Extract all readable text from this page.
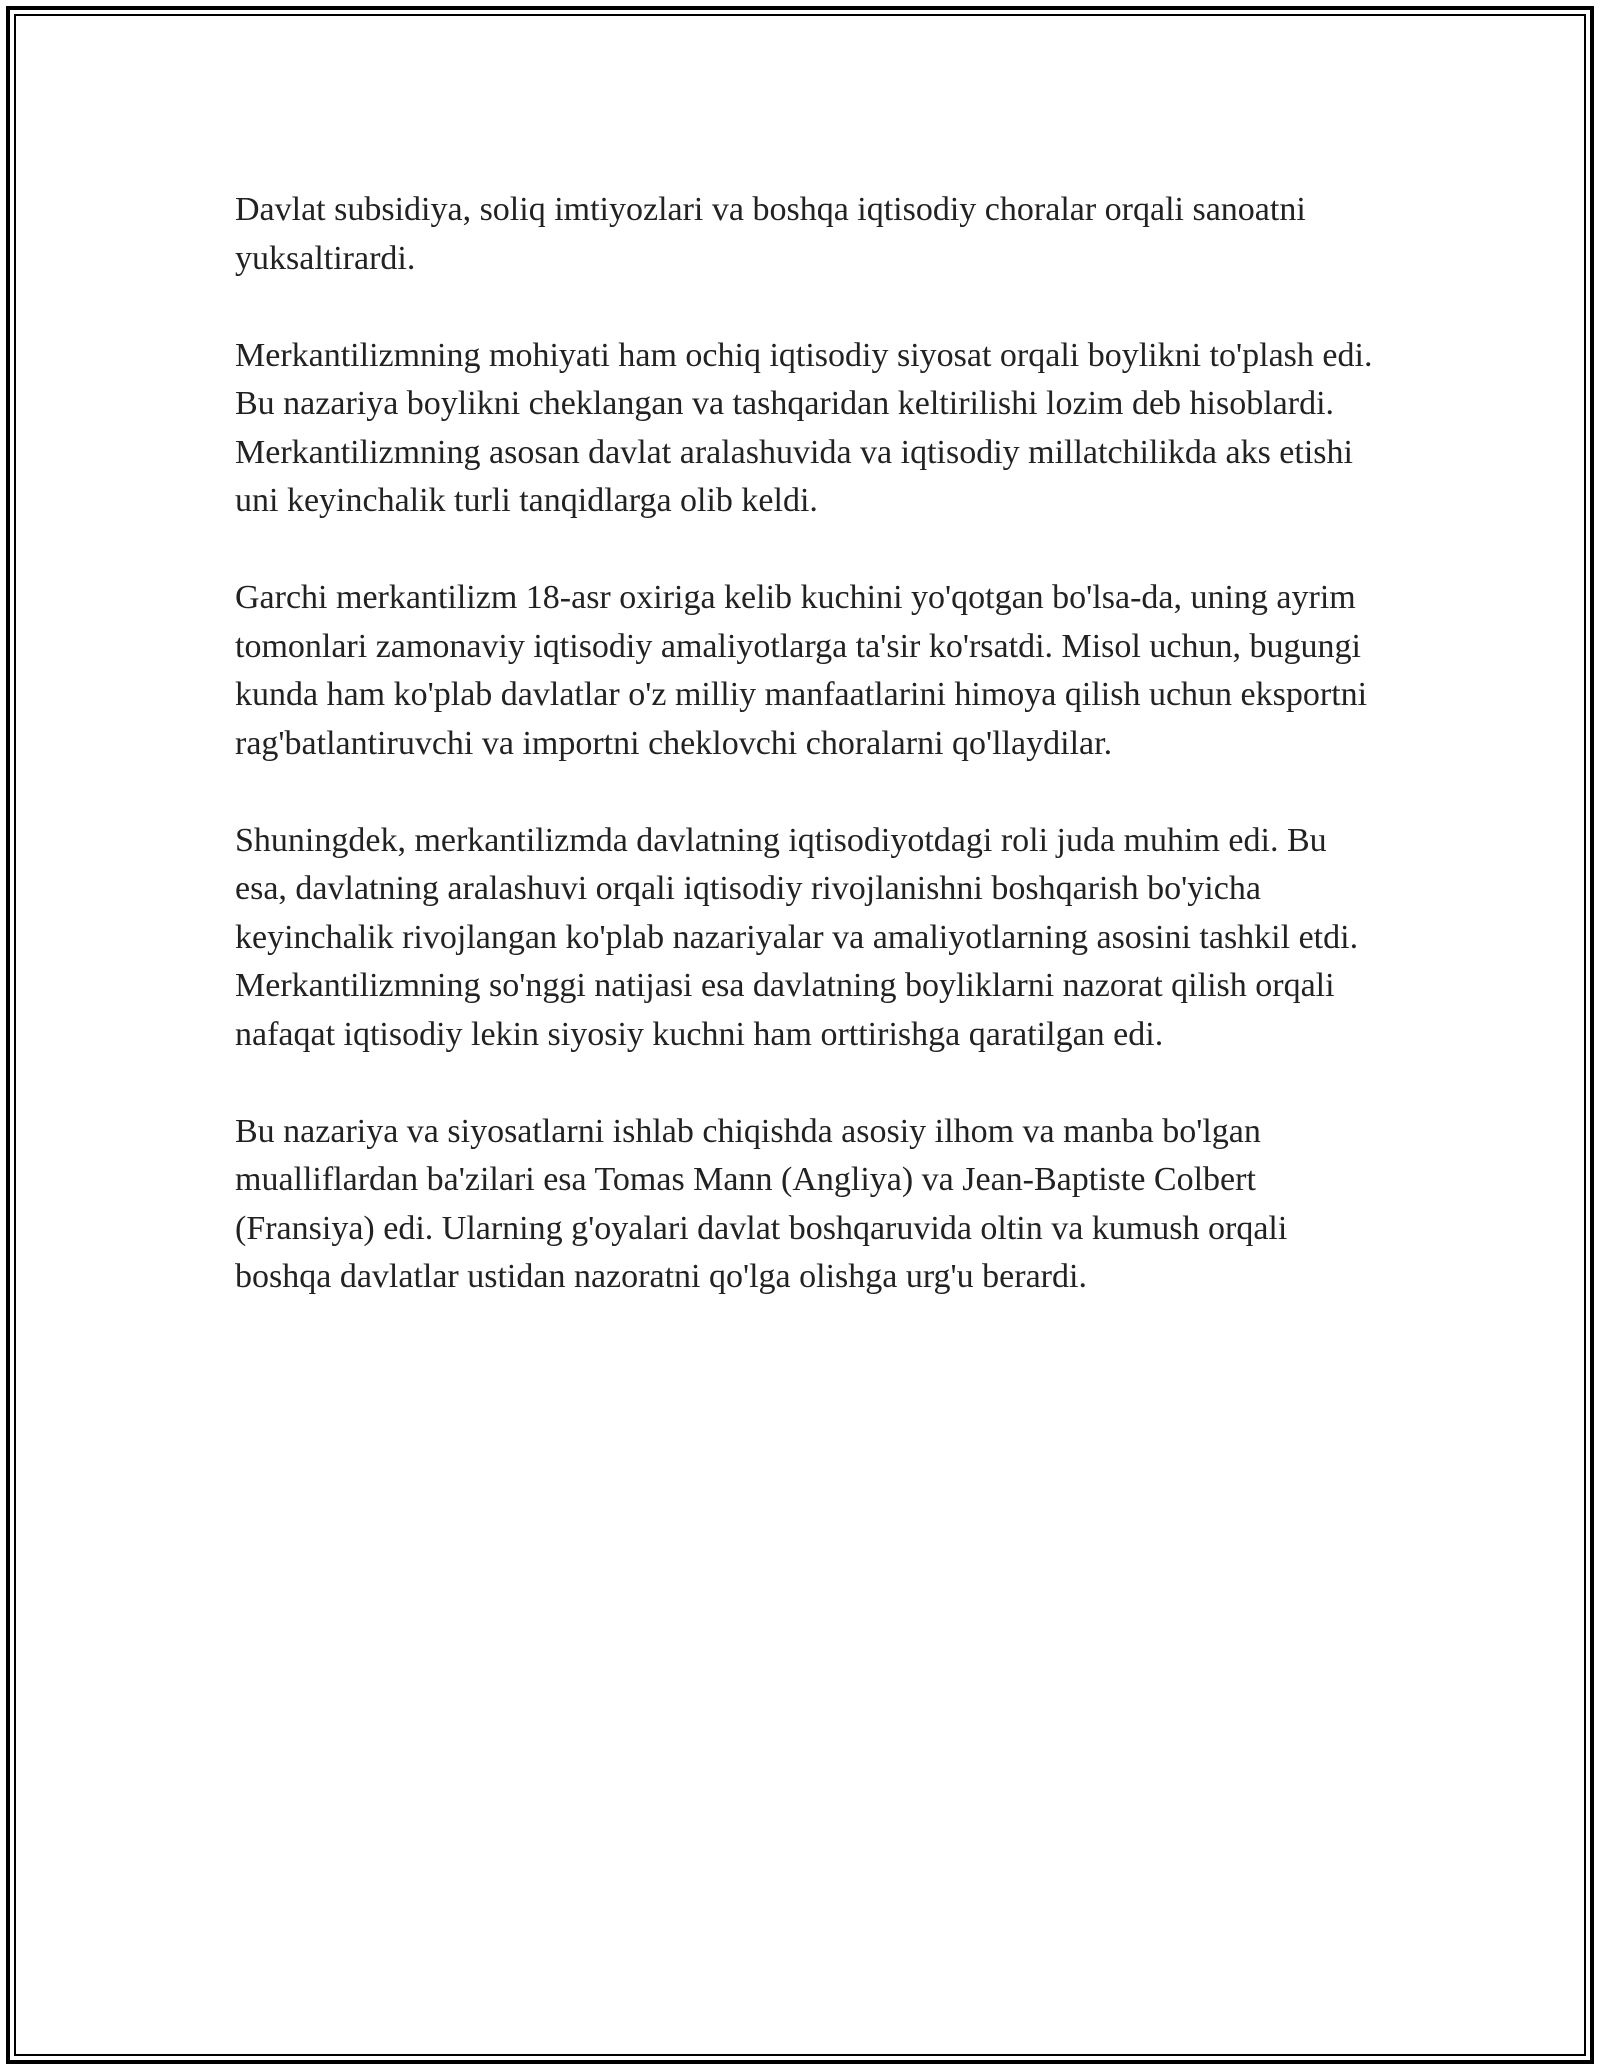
Davlat subsidiya, soliq imtiyozlari va boshqa iqtisodiy choralar orqali sanoatni yuksaltirardi.

Merkantilizmning mohiyati ham ochiq iqtisodiy siyosat orqali boylikni to'plash edi. Bu nazariya boylikni cheklangan va tashqaridan keltirilishi lozim deb hisoblardi. Merkantilizmning asosan davlat aralashuvida va iqtisodiy millatchilikda aks etishi uni keyinchalik turli tanqidlarga olib keldi.

Garchi merkantilizm 18-asr oxiriga kelib kuchini yo'qotgan bo'lsa-da, uning ayrim tomonlari zamonaviy iqtisodiy amaliyotlarga ta'sir ko'rsatdi. Misol uchun, bugungi kunda ham ko'plab davlatlar o'z milliy manfaatlarini himoya qilish uchun eksportni rag'batlantiruvchi va importni cheklovchi choralarni qo'llaydilar.

Shuningdek, merkantilizmda davlatning iqtisodiyotdagi roli juda muhim edi. Bu esa, davlatning aralashuvi orqali iqtisodiy rivojlanishni boshqarish bo'yicha keyinchalik rivojlangan ko'plab nazariyalar va amaliyotlarning asosini tashkil etdi. Merkantilizmning so'nggi natijasi esa davlatning boyliklarni nazorat qilish orqali nafaqat iqtisodiy lekin siyosiy kuchni ham orttirishga qaratilgan edi.

Bu nazariya va siyosatlarni ishlab chiqishda asosiy ilhom va manba bo'lgan mualliflardan ba'zilari esa Tomas Mann (Angliya) va Jean-Baptiste Colbert (Fransiya) edi. Ularning g'oyalari davlat boshqaruvida oltin va kumush orqali boshqa davlatlar ustidan nazoratni qo'lga olishga urg'u berardi.
